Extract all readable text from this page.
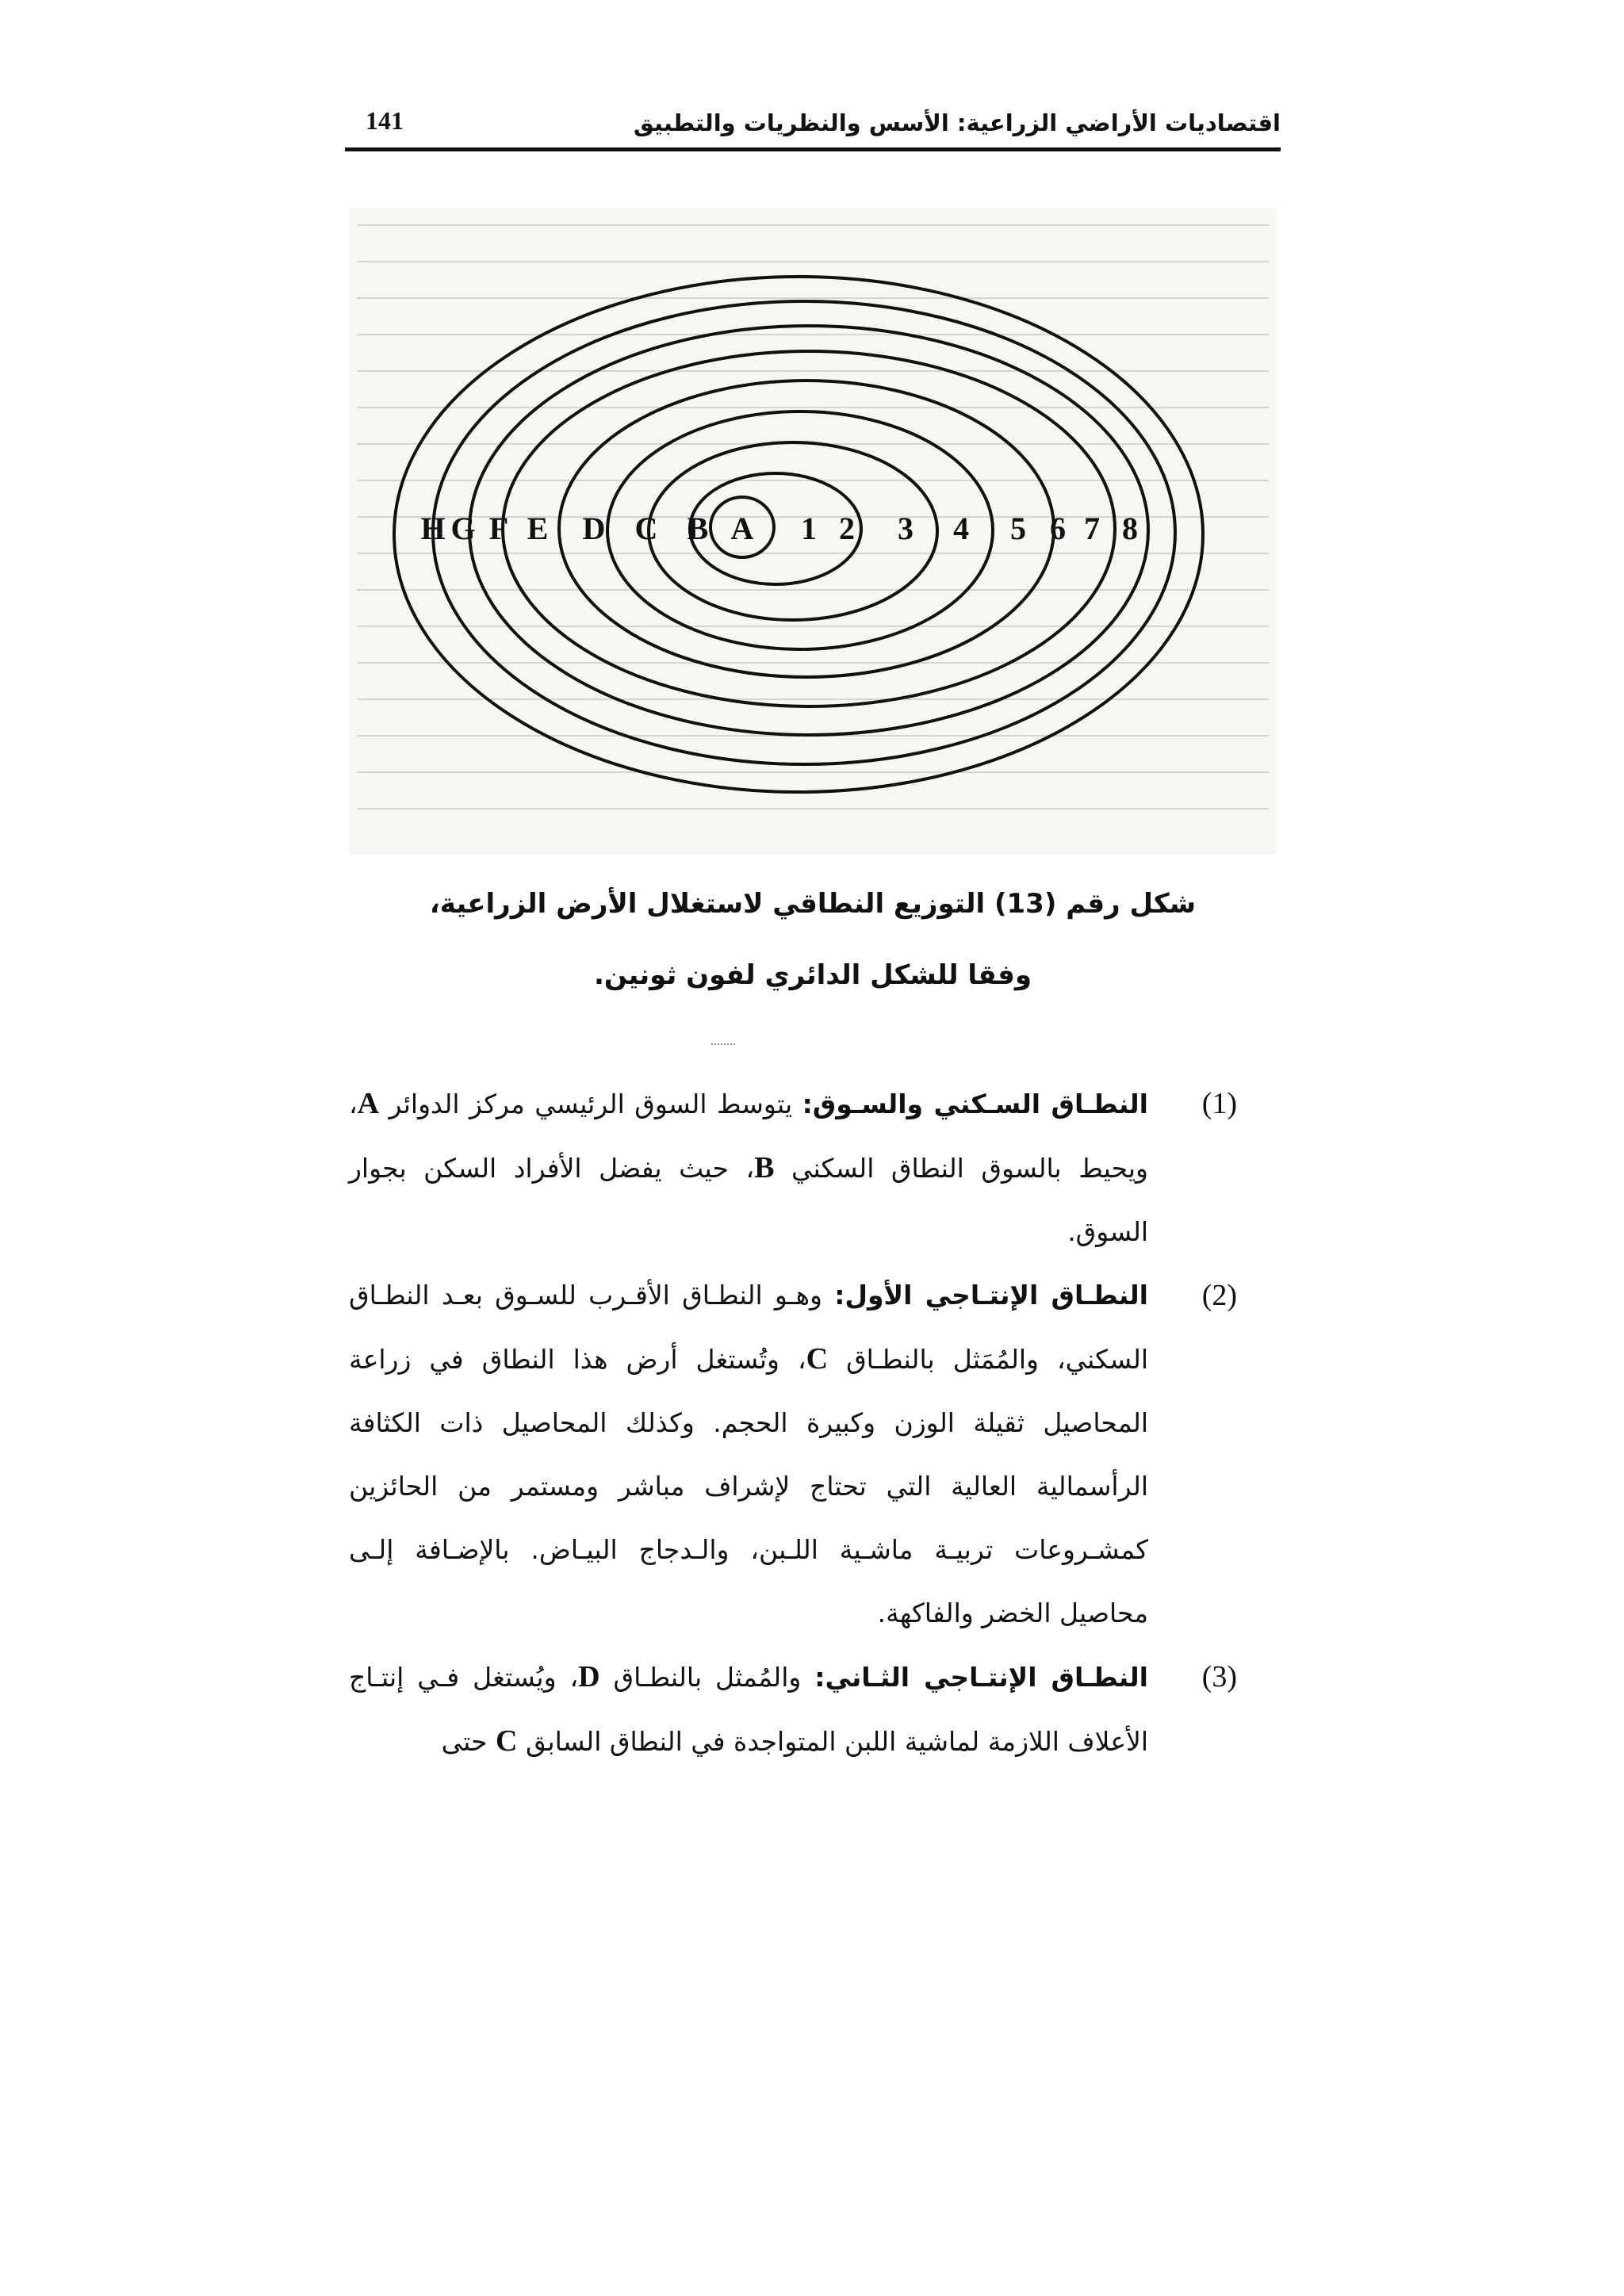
141	اقتصاديات الأراضي الزراعية: الأسس والنظريات والتطبيق
H G F E D C B A 1 2 3 4 5 6 7 8
شكل رقم (13) التوزيع النطاقي لاستغلال الأرض الزراعية،
وفقا للشكل الدائري لفون ثونين.
(1)
النطـاق السـكني والسـوق: يتوسط السوق الرئيسي مركز الدوائر A، ويحيط بالسوق النطاق السكني B، حيث يفضل الأفراد السكن بجوار السوق.
(2)
النطـاق الإنتـاجي الأول: وهـو النطـاق الأقـرب للسـوق بعـد النطـاق السكني، والمُمَثل بالنطـاق C، وتُستغل أرض هذا النطاق في زراعة المحاصيل ثقيلة الوزن وكبيرة الحجم. وكذلك المحاصيل ذات الكثافة الرأسمالية العالية التي تحتاج لإشراف مباشر ومستمر من الحائزين كمشـروعات تربيـة ماشـية اللـبن، والـدجاج البيـاض. بالإضـافة إلـى محاصيل الخضر والفاكهة.
(3)
النطـاق الإنتـاجي الثـاني: والمُمثل بالنطـاق D، ويُستغل فـي إنتـاج الأعلاف اللازمة لماشية اللبن المتواجدة في النطاق السابق C حتى
